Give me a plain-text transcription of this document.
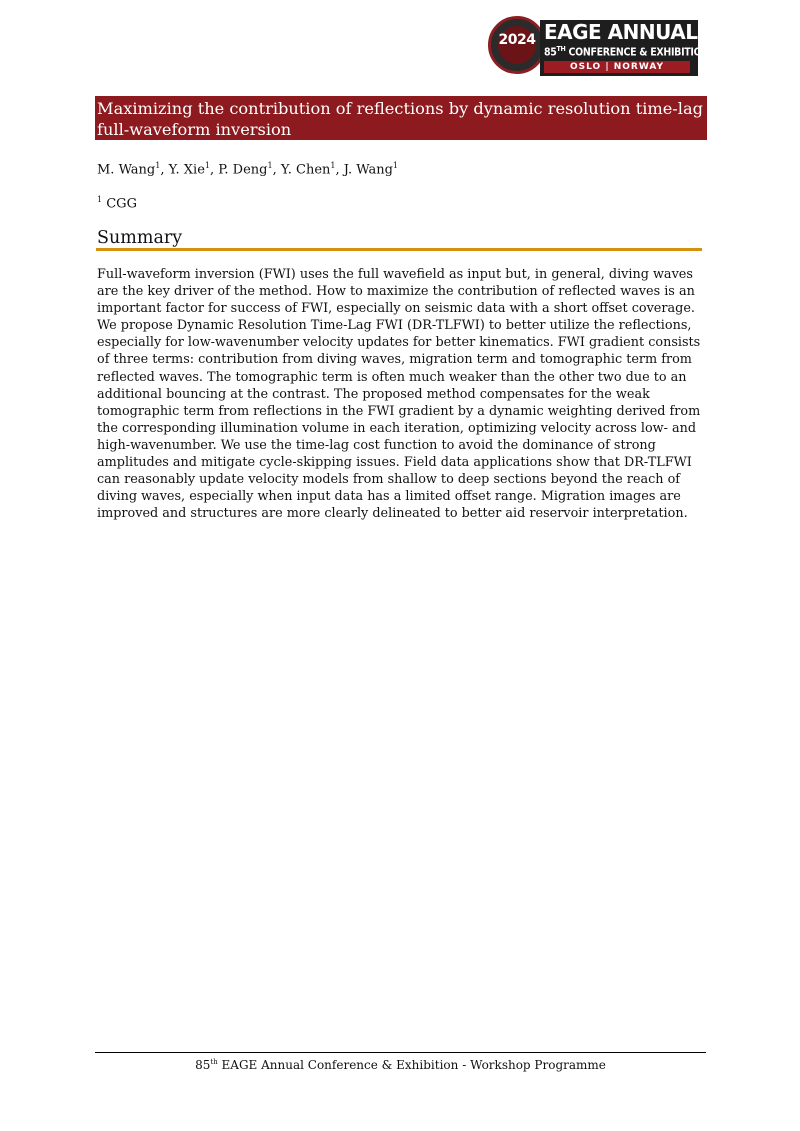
2024 EAGE ANNUAL
85TH CONFERENCE & EXHIBITION
OSLO | NORWAY
Maximizing the contribution of reflections by dynamic resolution time-lag full-waveform inversion
M. Wang$^1$, Y. Xie$^1$, P. Deng$^1$, Y. Chen$^1$, J. Wang$^1$
$^1$ CGG
Summary

Full-waveform inversion (FWI) uses the full wavefield as input but, in general, diving waves are the key driver of the method. How to maximize the contribution of reflected waves is an important factor for success of FWI, especially on seismic data with a short offset coverage. We propose Dynamic Resolution Time-Lag FWI (DR-TLFWI) to better utilize the reflections, especially for low-wavenumber velocity updates for better kinematics. FWI gradient consists of three terms: contribution from diving waves, migration term and tomographic term from reflected waves. The tomographic term is often much weaker than the other two due to an additional bouncing at the contrast. The proposed method compensates for the weak tomographic term from reflections in the FWI gradient by a dynamic weighting derived from the corresponding illumination volume in each iteration, optimizing velocity across low- and high-wavenumber. We use the time-lag cost function to avoid the dominance of strong amplitudes and mitigate cycle-skipping issues. Field data applications show that DR-TLFWI can reasonably update velocity models from shallow to deep sections beyond the reach of diving waves, especially when input data has a limited offset range. Migration images are improved and structures are more clearly delineated to better aid reservoir interpretation.

85th EAGE Annual Conference & Exhibition - Workshop Programme
